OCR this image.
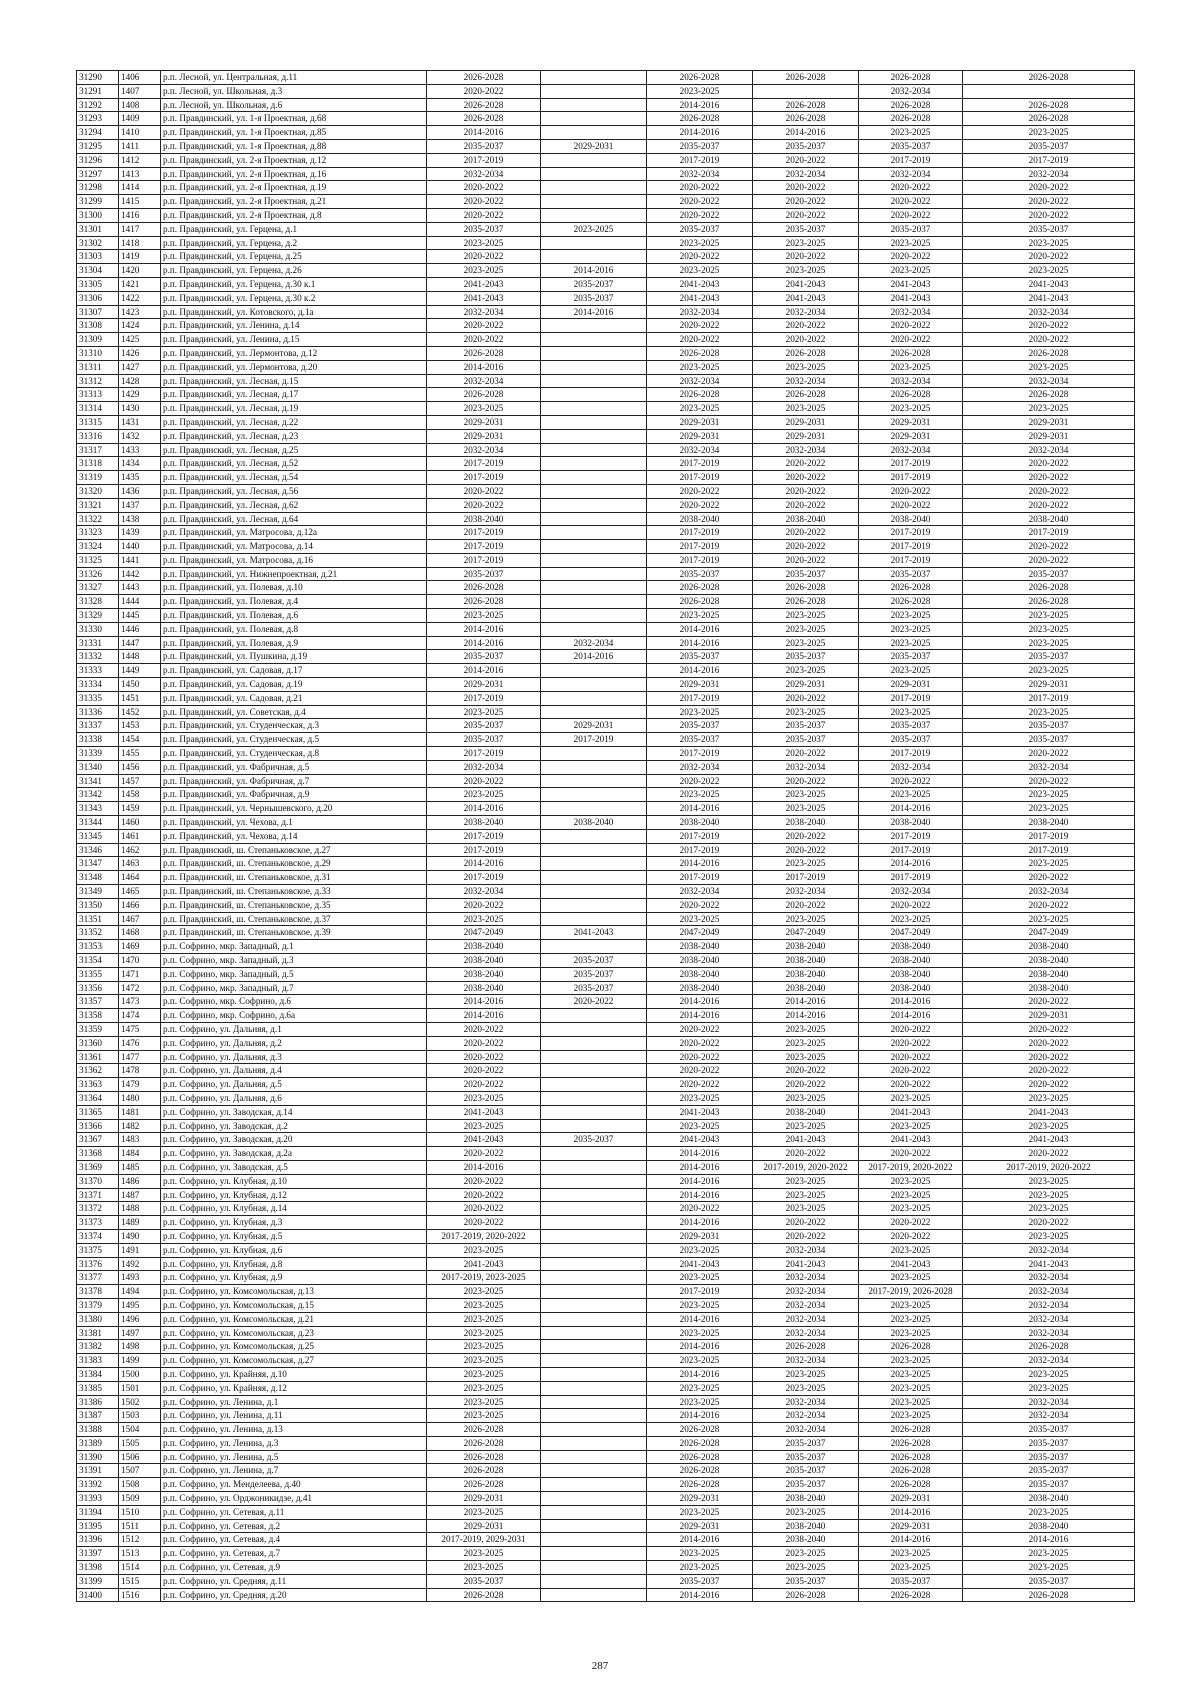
31290	1406	р.п. Лесной, ул. Центральная, д.11	2026-2028		2026-2028	2026-2028	2026-2028	2026-2028
31291	1407	р.п. Лесной, ул. Школьная, д.3	2020-2022		2023-2025		2032-2034	
31292	1408	р.п. Лесной, ул. Школьная, д.6	2026-2028		2014-2016	2026-2028	2026-2028	2026-2028
31293	1409	р.п. Правдинский, ул. 1-я Проектная, д.68	2026-2028		2026-2028	2026-2028	2026-2028	2026-2028
31294	1410	р.п. Правдинский, ул. 1-я Проектная, д.85	2014-2016		2014-2016	2014-2016	2023-2025	2023-2025
31295	1411	р.п. Правдинский, ул. 1-я Проектная, д.88	2035-2037	2029-2031	2035-2037	2035-2037	2035-2037	2035-2037
31296	1412	р.п. Правдинский, ул. 2-я Проектная, д.12	2017-2019		2017-2019	2020-2022	2017-2019	2017-2019
31297	1413	р.п. Правдинский, ул. 2-я Проектная, д.16	2032-2034		2032-2034	2032-2034	2032-2034	2032-2034
31298	1414	р.п. Правдинский, ул. 2-я Проектная, д.19	2020-2022		2020-2022	2020-2022	2020-2022	2020-2022
31299	1415	р.п. Правдинский, ул. 2-я Проектная, д.21	2020-2022		2020-2022	2020-2022	2020-2022	2020-2022
31300	1416	р.п. Правдинский, ул. 2-я Проектная, д.8	2020-2022		2020-2022	2020-2022	2020-2022	2020-2022
31301	1417	р.п. Правдинский, ул. Герцена, д.1	2035-2037	2023-2025	2035-2037	2035-2037	2035-2037	2035-2037
31302	1418	р.п. Правдинский, ул. Герцена, д.2	2023-2025		2023-2025	2023-2025	2023-2025	2023-2025
31303	1419	р.п. Правдинский, ул. Герцена, д.25	2020-2022		2020-2022	2020-2022	2020-2022	2020-2022
31304	1420	р.п. Правдинский, ул. Герцена, д.26	2023-2025	2014-2016	2023-2025	2023-2025	2023-2025	2023-2025
31305	1421	р.п. Правдинский, ул. Герцена, д.30 к.1	2041-2043	2035-2037	2041-2043	2041-2043	2041-2043	2041-2043
31306	1422	р.п. Правдинский, ул. Герцена, д.30 к.2	2041-2043	2035-2037	2041-2043	2041-2043	2041-2043	2041-2043
31307	1423	р.п. Правдинский, ул. Котовского, д.1а	2032-2034	2014-2016	2032-2034	2032-2034	2032-2034	2032-2034
31308	1424	р.п. Правдинский, ул. Ленина, д.14	2020-2022		2020-2022	2020-2022	2020-2022	2020-2022
31309	1425	р.п. Правдинский, ул. Ленина, д.15	2020-2022		2020-2022	2020-2022	2020-2022	2020-2022
31310	1426	р.п. Правдинский, ул. Лермонтова, д.12	2026-2028		2026-2028	2026-2028	2026-2028	2026-2028
31311	1427	р.п. Правдинский, ул. Лермонтова, д.20	2014-2016		2023-2025	2023-2025	2023-2025	2023-2025
31312	1428	р.п. Правдинский, ул. Лесная, д.15	2032-2034		2032-2034	2032-2034	2032-2034	2032-2034
31313	1429	р.п. Правдинский, ул. Лесная, д.17	2026-2028		2026-2028	2026-2028	2026-2028	2026-2028
31314	1430	р.п. Правдинский, ул. Лесная, д.19	2023-2025		2023-2025	2023-2025	2023-2025	2023-2025
31315	1431	р.п. Правдинский, ул. Лесная, д.22	2029-2031		2029-2031	2029-2031	2029-2031	2029-2031
31316	1432	р.п. Правдинский, ул. Лесная, д.23	2029-2031		2029-2031	2029-2031	2029-2031	2029-2031
31317	1433	р.п. Правдинский, ул. Лесная, д.25	2032-2034		2032-2034	2032-2034	2032-2034	2032-2034
31318	1434	р.п. Правдинский, ул. Лесная, д.52	2017-2019		2017-2019	2020-2022	2017-2019	2020-2022
31319	1435	р.п. Правдинский, ул. Лесная, д.54	2017-2019		2017-2019	2020-2022	2017-2019	2020-2022
31320	1436	р.п. Правдинский, ул. Лесная, д.56	2020-2022		2020-2022	2020-2022	2020-2022	2020-2022
31321	1437	р.п. Правдинский, ул. Лесная, д.62	2020-2022		2020-2022	2020-2022	2020-2022	2020-2022
31322	1438	р.п. Правдинский, ул. Лесная, д.64	2038-2040		2038-2040	2038-2040	2038-2040	2038-2040
31323	1439	р.п. Правдинский, ул. Матросова, д.12а	2017-2019		2017-2019	2020-2022	2017-2019	2017-2019
31324	1440	р.п. Правдинский, ул. Матросова, д.14	2017-2019		2017-2019	2020-2022	2017-2019	2020-2022
31325	1441	р.п. Правдинский, ул. Матросова, д.16	2017-2019		2017-2019	2020-2022	2017-2019	2020-2022
31326	1442	р.п. Правдинский, ул. Нижнепроектная, д.21	2035-2037		2035-2037	2035-2037	2035-2037	2035-2037
31327	1443	р.п. Правдинский, ул. Полевая, д.10	2026-2028		2026-2028	2026-2028	2026-2028	2026-2028
31328	1444	р.п. Правдинский, ул. Полевая, д.4	2026-2028		2026-2028	2026-2028	2026-2028	2026-2028
31329	1445	р.п. Правдинский, ул. Полевая, д.6	2023-2025		2023-2025	2023-2025	2023-2025	2023-2025
31330	1446	р.п. Правдинский, ул. Полевая, д.8	2014-2016		2014-2016	2023-2025	2023-2025	2023-2025
31331	1447	р.п. Правдинский, ул. Полевая, д.9	2014-2016	2032-2034	2014-2016	2023-2025	2023-2025	2023-2025
31332	1448	р.п. Правдинский, ул. Пушкина, д.19	2035-2037	2014-2016	2035-2037	2035-2037	2035-2037	2035-2037
31333	1449	р.п. Правдинский, ул. Садовая, д.17	2014-2016		2014-2016	2023-2025	2023-2025	2023-2025
31334	1450	р.п. Правдинский, ул. Садовая, д.19	2029-2031		2029-2031	2029-2031	2029-2031	2029-2031
31335	1451	р.п. Правдинский, ул. Садовая, д.21	2017-2019		2017-2019	2020-2022	2017-2019	2017-2019
31336	1452	р.п. Правдинский, ул. Советская, д.4	2023-2025		2023-2025	2023-2025	2023-2025	2023-2025
31337	1453	р.п. Правдинский, ул. Студенческая, д.3	2035-2037	2029-2031	2035-2037	2035-2037	2035-2037	2035-2037
31338	1454	р.п. Правдинский, ул. Студенческая, д.5	2035-2037	2017-2019	2035-2037	2035-2037	2035-2037	2035-2037
31339	1455	р.п. Правдинский, ул. Студенческая, д.8	2017-2019		2017-2019	2020-2022	2017-2019	2020-2022
31340	1456	р.п. Правдинский, ул. Фабричная, д.5	2032-2034		2032-2034	2032-2034	2032-2034	2032-2034
31341	1457	р.п. Правдинский, ул. Фабричная, д.7	2020-2022		2020-2022	2020-2022	2020-2022	2020-2022
31342	1458	р.п. Правдинский, ул. Фабричная, д.9	2023-2025		2023-2025	2023-2025	2023-2025	2023-2025
31343	1459	р.п. Правдинский, ул. Чернышевского, д.20	2014-2016		2014-2016	2023-2025	2014-2016	2023-2025
31344	1460	р.п. Правдинский, ул. Чехова, д.1	2038-2040	2038-2040	2038-2040	2038-2040	2038-2040	2038-2040
31345	1461	р.п. Правдинский, ул. Чехова, д.14	2017-2019		2017-2019	2020-2022	2017-2019	2017-2019
31346	1462	р.п. Правдинский, ш. Степаньковское, д.27	2017-2019		2017-2019	2020-2022	2017-2019	2017-2019
31347	1463	р.п. Правдинский, ш. Степаньковское, д.29	2014-2016		2014-2016	2023-2025	2014-2016	2023-2025
31348	1464	р.п. Правдинский, ш. Степаньковское, д.31	2017-2019		2017-2019	2017-2019	2017-2019	2020-2022
31349	1465	р.п. Правдинский, ш. Степаньковское, д.33	2032-2034		2032-2034	2032-2034	2032-2034	2032-2034
31350	1466	р.п. Правдинский, ш. Степаньковское, д.35	2020-2022		2020-2022	2020-2022	2020-2022	2020-2022
31351	1467	р.п. Правдинский, ш. Степаньковское, д.37	2023-2025		2023-2025	2023-2025	2023-2025	2023-2025
31352	1468	р.п. Правдинский, ш. Степаньковское, д.39	2047-2049	2041-2043	2047-2049	2047-2049	2047-2049	2047-2049
31353	1469	р.п. Софрино, мкр. Западный, д.1	2038-2040		2038-2040	2038-2040	2038-2040	2038-2040
31354	1470	р.п. Софрино, мкр. Западный, д.3	2038-2040	2035-2037	2038-2040	2038-2040	2038-2040	2038-2040
31355	1471	р.п. Софрино, мкр. Западный, д.5	2038-2040	2035-2037	2038-2040	2038-2040	2038-2040	2038-2040
31356	1472	р.п. Софрино, мкр. Западный, д.7	2038-2040	2035-2037	2038-2040	2038-2040	2038-2040	2038-2040
31357	1473	р.п. Софрино, мкр. Софрино, д.6	2014-2016	2020-2022	2014-2016	2014-2016	2014-2016	2020-2022
31358	1474	р.п. Софрино, мкр. Софрино, д.6а	2014-2016		2014-2016	2014-2016	2014-2016	2029-2031
31359	1475	р.п. Софрино, ул. Дальняя, д.1	2020-2022		2020-2022	2023-2025	2020-2022	2020-2022
31360	1476	р.п. Софрино, ул. Дальняя, д.2	2020-2022		2020-2022	2023-2025	2020-2022	2020-2022
31361	1477	р.п. Софрино, ул. Дальняя, д.3	2020-2022		2020-2022	2023-2025	2020-2022	2020-2022
31362	1478	р.п. Софрино, ул. Дальняя, д.4	2020-2022		2020-2022	2020-2022	2020-2022	2020-2022
31363	1479	р.п. Софрино, ул. Дальняя, д.5	2020-2022		2020-2022	2020-2022	2020-2022	2020-2022
31364	1480	р.п. Софрино, ул. Дальняя, д.6	2023-2025		2023-2025	2023-2025	2023-2025	2023-2025
31365	1481	р.п. Софрино, ул. Заводская, д.14	2041-2043		2041-2043	2038-2040	2041-2043	2041-2043
31366	1482	р.п. Софрино, ул. Заводская, д.2	2023-2025		2023-2025	2023-2025	2023-2025	2023-2025
31367	1483	р.п. Софрино, ул. Заводская, д.20	2041-2043	2035-2037	2041-2043	2041-2043	2041-2043	2041-2043
31368	1484	р.п. Софрино, ул. Заводская, д.2а	2020-2022		2014-2016	2020-2022	2020-2022	2020-2022
31369	1485	р.п. Софрино, ул. Заводская, д.5	2014-2016		2014-2016	2017-2019, 2020-2022	2017-2019, 2020-2022	2017-2019, 2020-2022
31370	1486	р.п. Софрино, ул. Клубная, д.10	2020-2022		2014-2016	2023-2025	2023-2025	2023-2025
31371	1487	р.п. Софрино, ул. Клубная, д.12	2020-2022		2014-2016	2023-2025	2023-2025	2023-2025
31372	1488	р.п. Софрино, ул. Клубная, д.14	2020-2022		2020-2022	2023-2025	2023-2025	2023-2025
31373	1489	р.п. Софрино, ул. Клубная, д.3	2020-2022		2014-2016	2020-2022	2020-2022	2020-2022
31374	1490	р.п. Софрино, ул. Клубная, д.5	2017-2019, 2020-2022		2029-2031	2020-2022	2020-2022	2023-2025
31375	1491	р.п. Софрино, ул. Клубная, д.6	2023-2025		2023-2025	2032-2034	2023-2025	2032-2034
31376	1492	р.п. Софрино, ул. Клубная, д.8	2041-2043		2041-2043	2041-2043	2041-2043	2041-2043
31377	1493	р.п. Софрино, ул. Клубная, д.9	2017-2019, 2023-2025		2023-2025	2032-2034	2023-2025	2032-2034
31378	1494	р.п. Софрино, ул. Комсомольская, д.13	2023-2025		2017-2019	2032-2034	2017-2019, 2026-2028	2032-2034
31379	1495	р.п. Софрино, ул. Комсомольская, д.15	2023-2025		2023-2025	2032-2034	2023-2025	2032-2034
31380	1496	р.п. Софрино, ул. Комсомольская, д.21	2023-2025		2014-2016	2032-2034	2023-2025	2032-2034
31381	1497	р.п. Софрино, ул. Комсомольская, д.23	2023-2025		2023-2025	2032-2034	2023-2025	2032-2034
31382	1498	р.п. Софрино, ул. Комсомольская, д.25	2023-2025		2014-2016	2026-2028	2026-2028	2026-2028
31383	1499	р.п. Софрино, ул. Комсомольская, д.27	2023-2025		2023-2025	2032-2034	2023-2025	2032-2034
31384	1500	р.п. Софрино, ул. Крайняя, д.10	2023-2025		2014-2016	2023-2025	2023-2025	2023-2025
31385	1501	р.п. Софрино, ул. Крайняя, д.12	2023-2025		2023-2025	2023-2025	2023-2025	2023-2025
31386	1502	р.п. Софрино, ул. Ленина, д.1	2023-2025		2023-2025	2032-2034	2023-2025	2032-2034
31387	1503	р.п. Софрино, ул. Ленина, д.11	2023-2025		2014-2016	2032-2034	2023-2025	2032-2034
31388	1504	р.п. Софрино, ул. Ленина, д.13	2026-2028		2026-2028	2032-2034	2026-2028	2035-2037
31389	1505	р.п. Софрино, ул. Ленина, д.3	2026-2028		2026-2028	2035-2037	2026-2028	2035-2037
31390	1506	р.п. Софрино, ул. Ленина, д.5	2026-2028		2026-2028	2035-2037	2026-2028	2035-2037
31391	1507	р.п. Софрино, ул. Ленина, д.7	2026-2028		2026-2028	2035-2037	2026-2028	2035-2037
31392	1508	р.п. Софрино, ул. Менделеева, д.40	2026-2028		2026-2028	2035-2037	2026-2028	2035-2037
31393	1509	р.п. Софрино, ул. Орджоникидзе, д.41	2029-2031		2029-2031	2038-2040	2029-2031	2038-2040
31394	1510	р.п. Софрино, ул. Сетевая, д.11	2023-2025		2023-2025	2023-2025	2014-2016	2023-2025
31395	1511	р.п. Софрино, ул. Сетевая, д.2	2029-2031		2029-2031	2038-2040	2029-2031	2038-2040
31396	1512	р.п. Софрино, ул. Сетевая, д.4	2017-2019, 2029-2031		2014-2016	2038-2040	2014-2016	2014-2016
31397	1513	р.п. Софрино, ул. Сетевая, д.7	2023-2025		2023-2025	2023-2025	2023-2025	2023-2025
31398	1514	р.п. Софрино, ул. Сетевая, д.9	2023-2025		2023-2025	2023-2025	2023-2025	2023-2025
31399	1515	р.п. Софрино, ул. Средняя, д.11	2035-2037		2035-2037	2035-2037	2035-2037	2035-2037
31400	1516	р.п. Софрино, ул. Средняя, д.20	2026-2028		2014-2016	2026-2028	2026-2028	2026-2028
287
